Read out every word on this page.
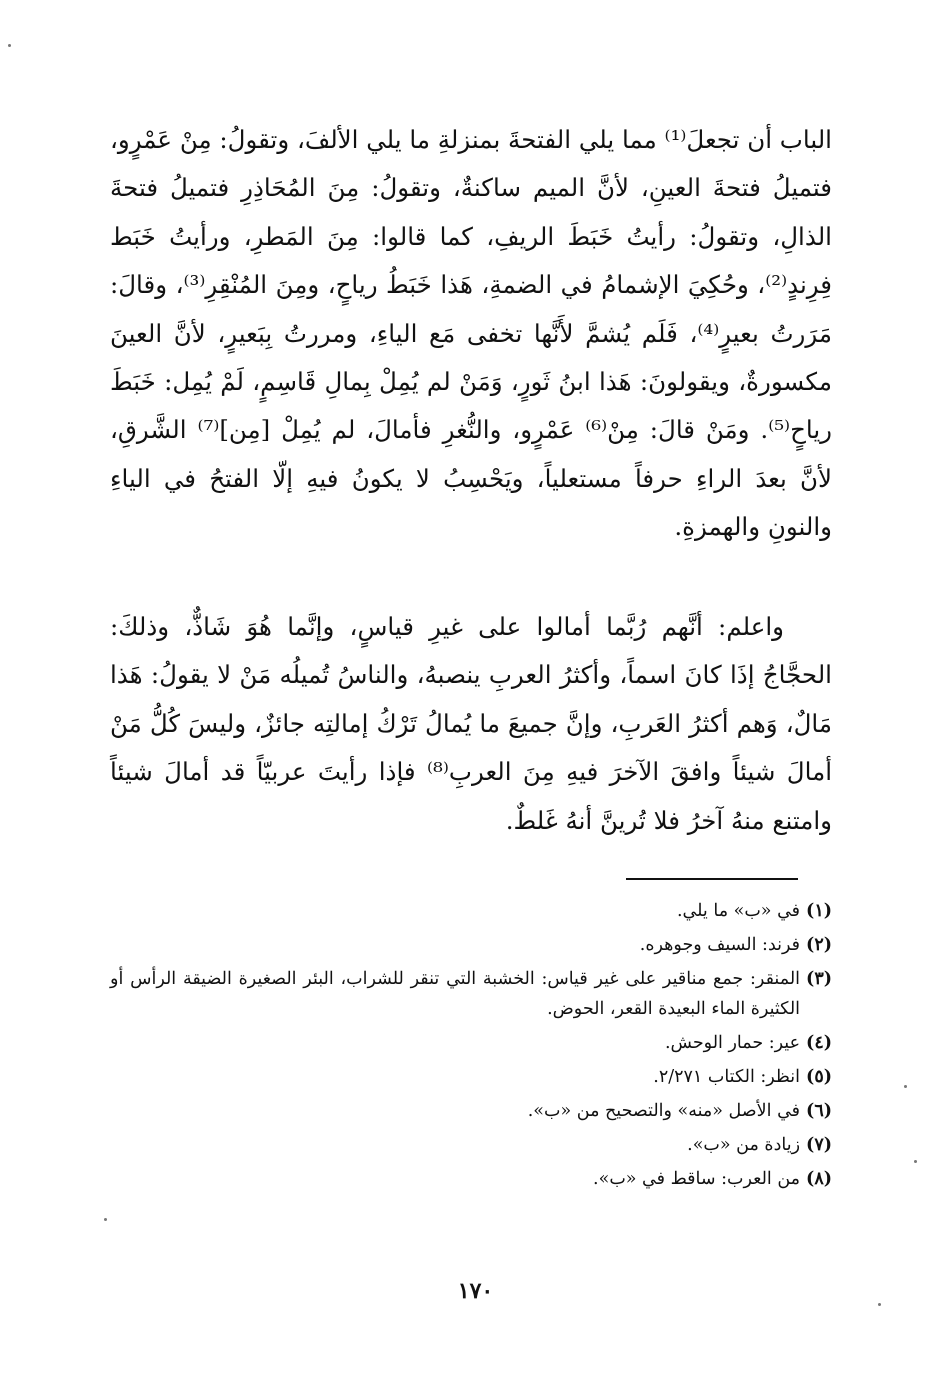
الباب أن تجعلَ⁽¹⁾ مما يلي الفتحةَ بمنزلةِ ما يلي الألفَ، وتقولُ: مِنْ عَمْرٍو، فتميلُ فتحةَ العينِ، لأنَّ الميم ساكنةٌ، وتقولُ: مِنَ المُحَاذِرِ فتميلُ فتحةَ الذالِ، وتقولُ: رأيتُ خَبَطَ الريفِ، كما قالوا: مِنَ المَطرِ، ورأيتُ خَبَط فِرِندٍ⁽²⁾، وحُكِيَ الإشمامُ في الضمةِ، هَذا خَبَطُ رياحٍ، ومِنَ المُنْقِرِ⁽³⁾، وقالَ: مَرَرتُ بعيرٍ⁽⁴⁾، فَلَم يُشمَّ لأَنَّها تخفى مَع الياءِ، ومررتُ بِبَعيرٍ، لأنَّ العينَ مكسورةٌ، ويقولونَ: هَذا ابنُ ثَورٍ، وَمَنْ لم يُمِلْ بِمالِ قَاسِمٍ، لَمْ يُمِل: خَبَطَ رياحٍ⁽⁵⁾. ومَنْ قالَ: مِنْ⁽⁶⁾ عَمْرٍو، والنُّغرِ فأمالَ، لم يُمِلْ [مِن]⁽⁷⁾ الشَّرقِ، لأنَّ بعدَ الراءِ حرفاً مستعلياً، ويَحْسِبُ لا يكونُ فيهِ إلّا الفتحُ في الياءِ والنونِ والهمزةِ.

واعلم: أنَّهم رُبَّما أمالوا على غيرِ قياسٍ، وإنَّما هُوَ شَاذٌّ، وذلكَ: الحجَّاجُ إذَا كانَ اسماً، وأكثرُ العربِ ينصبهُ، والناسُ تُميلُه مَنْ لا يقولُ: هَذا مَالٌ، وَهم أكثرُ العَربِ، وإنَّ جميعَ ما يُمالُ تَرْكُ إمالتِه جائزٌ، وليسَ كُلُّ مَنْ أمالَ شيئاً وافقَ الآخرَ فيهِ مِنَ العربِ⁽⁸⁾ فإذا رأيتَ عربيّاً قد أمالَ شيئاً وامتنع منهُ آخرُ فلا تُرينَّ أنهُ غَلطٌ.

(١)
في «ب» ما يلي.
(٢)
فرند: السيف وجوهره.
(٣)
المنقر: جمع مناقير على غير قياس: الخشبة التي تنقر للشراب، البئر الصغيرة الضيقة الرأس أو الكثيرة الماء البعيدة القعر، الحوض.
(٤)
عير: حمار الوحش.
(٥)
انظر: الكتاب ٢/٢٧١.
(٦)
في الأصل «منه» والتصحيح من «ب».
(٧)
زيادة من «ب».
(٨)
من العرب: ساقط في «ب».
١٧٠
